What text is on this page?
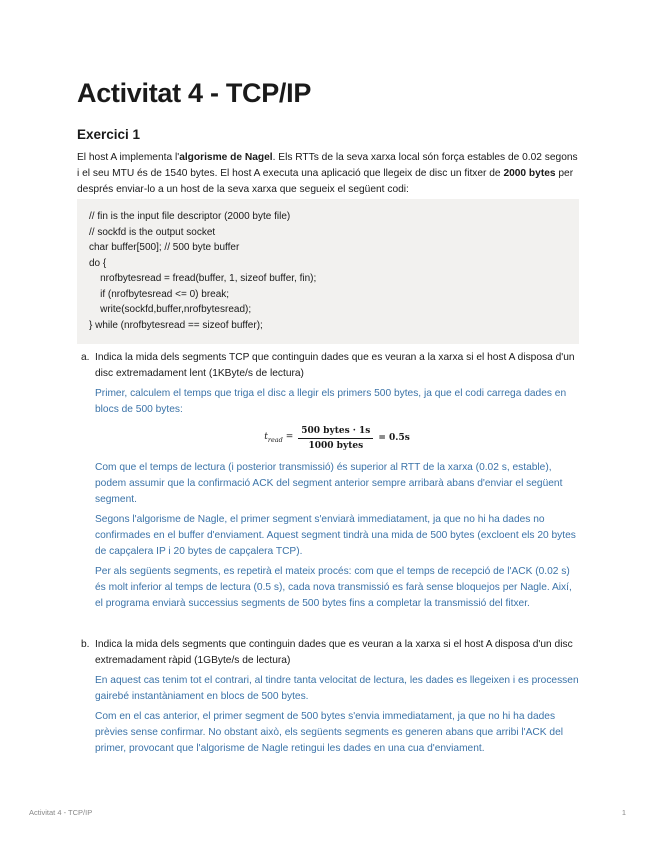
Activitat 4 - TCP/IP
Exercici 1

El host A implementa l'algorisme de Nagel. Els RTTs de la seva xarxa local són força estables de 0.02 segons i el seu MTU és de 1540 bytes. El host A executa una aplicació que llegeix de disc un fitxer de 2000 bytes per després enviar-lo a un host de la seva xarxa que segueix el següent codi:

// fin is the input file descriptor (2000 byte file)
// sockfd is the output socket
char buffer[500]; // 500 byte buffer
do {
nrofbytesread = fread(buffer, 1, sizeof buffer, fin);
if (nrofbytesread <= 0) break;
write(sockfd,buffer,nrofbytesread);
} while (nrofbytesread == sizeof buffer);
a. Indica la mida dels segments TCP que continguin dades que es veuran a la xarxa si el host A disposa d'un disc extremadament lent (1KByte/s de lectura)

Primer, calculem el temps que triga el disc a llegir els primers 500 bytes, ja que el codi carrega dades en blocs de 500 bytes:

$t_{read} = \frac{\text{500 bytes · 1s}}{\text{1000 bytes}} = 0.5s$

Com que el temps de lectura (i posterior transmissió) és superior al RTT de la xarxa (0.02 s, estable), podem assumir que la confirmació ACK del segment anterior sempre arribarà abans d'enviar el següent segment.

Segons l'algorisme de Nagle, el primer segment s'enviarà immediatament, ja que no hi ha dades no confirmades en el buffer d'enviament. Aquest segment tindrà una mida de 500 bytes (excloent els 20 bytes de capçalera IP i 20 bytes de capçalera TCP).

Per als següents segments, es repetirà el mateix procés: com que el temps de recepció de l'ACK (0.02 s) és molt inferior al temps de lectura (0.5 s), cada nova transmissió es farà sense bloquejos per Nagle. Així, el programa enviarà successius segments de 500 bytes fins a completar la transmissió del fitxer.

b. Indica la mida dels segments que continguin dades que es veuran a la xarxa si el host A disposa d'un disc extremadament ràpid (1GByte/s de lectura)

En aquest cas tenim tot el contrari, al tindre tanta velocitat de lectura, les dades es llegeixen i es processen gairebé instantàniament en blocs de 500 bytes.

Com en el cas anterior, el primer segment de 500 bytes s'envia immediatament, ja que no hi ha dades prèvies sense confirmar. No obstant això, els següents segments es generen abans que arribi l'ACK del primer, provocant que l'algorisme de Nagle retingui les dades en una cua d'enviament.

Activitat 4 - TCP/IP	1
